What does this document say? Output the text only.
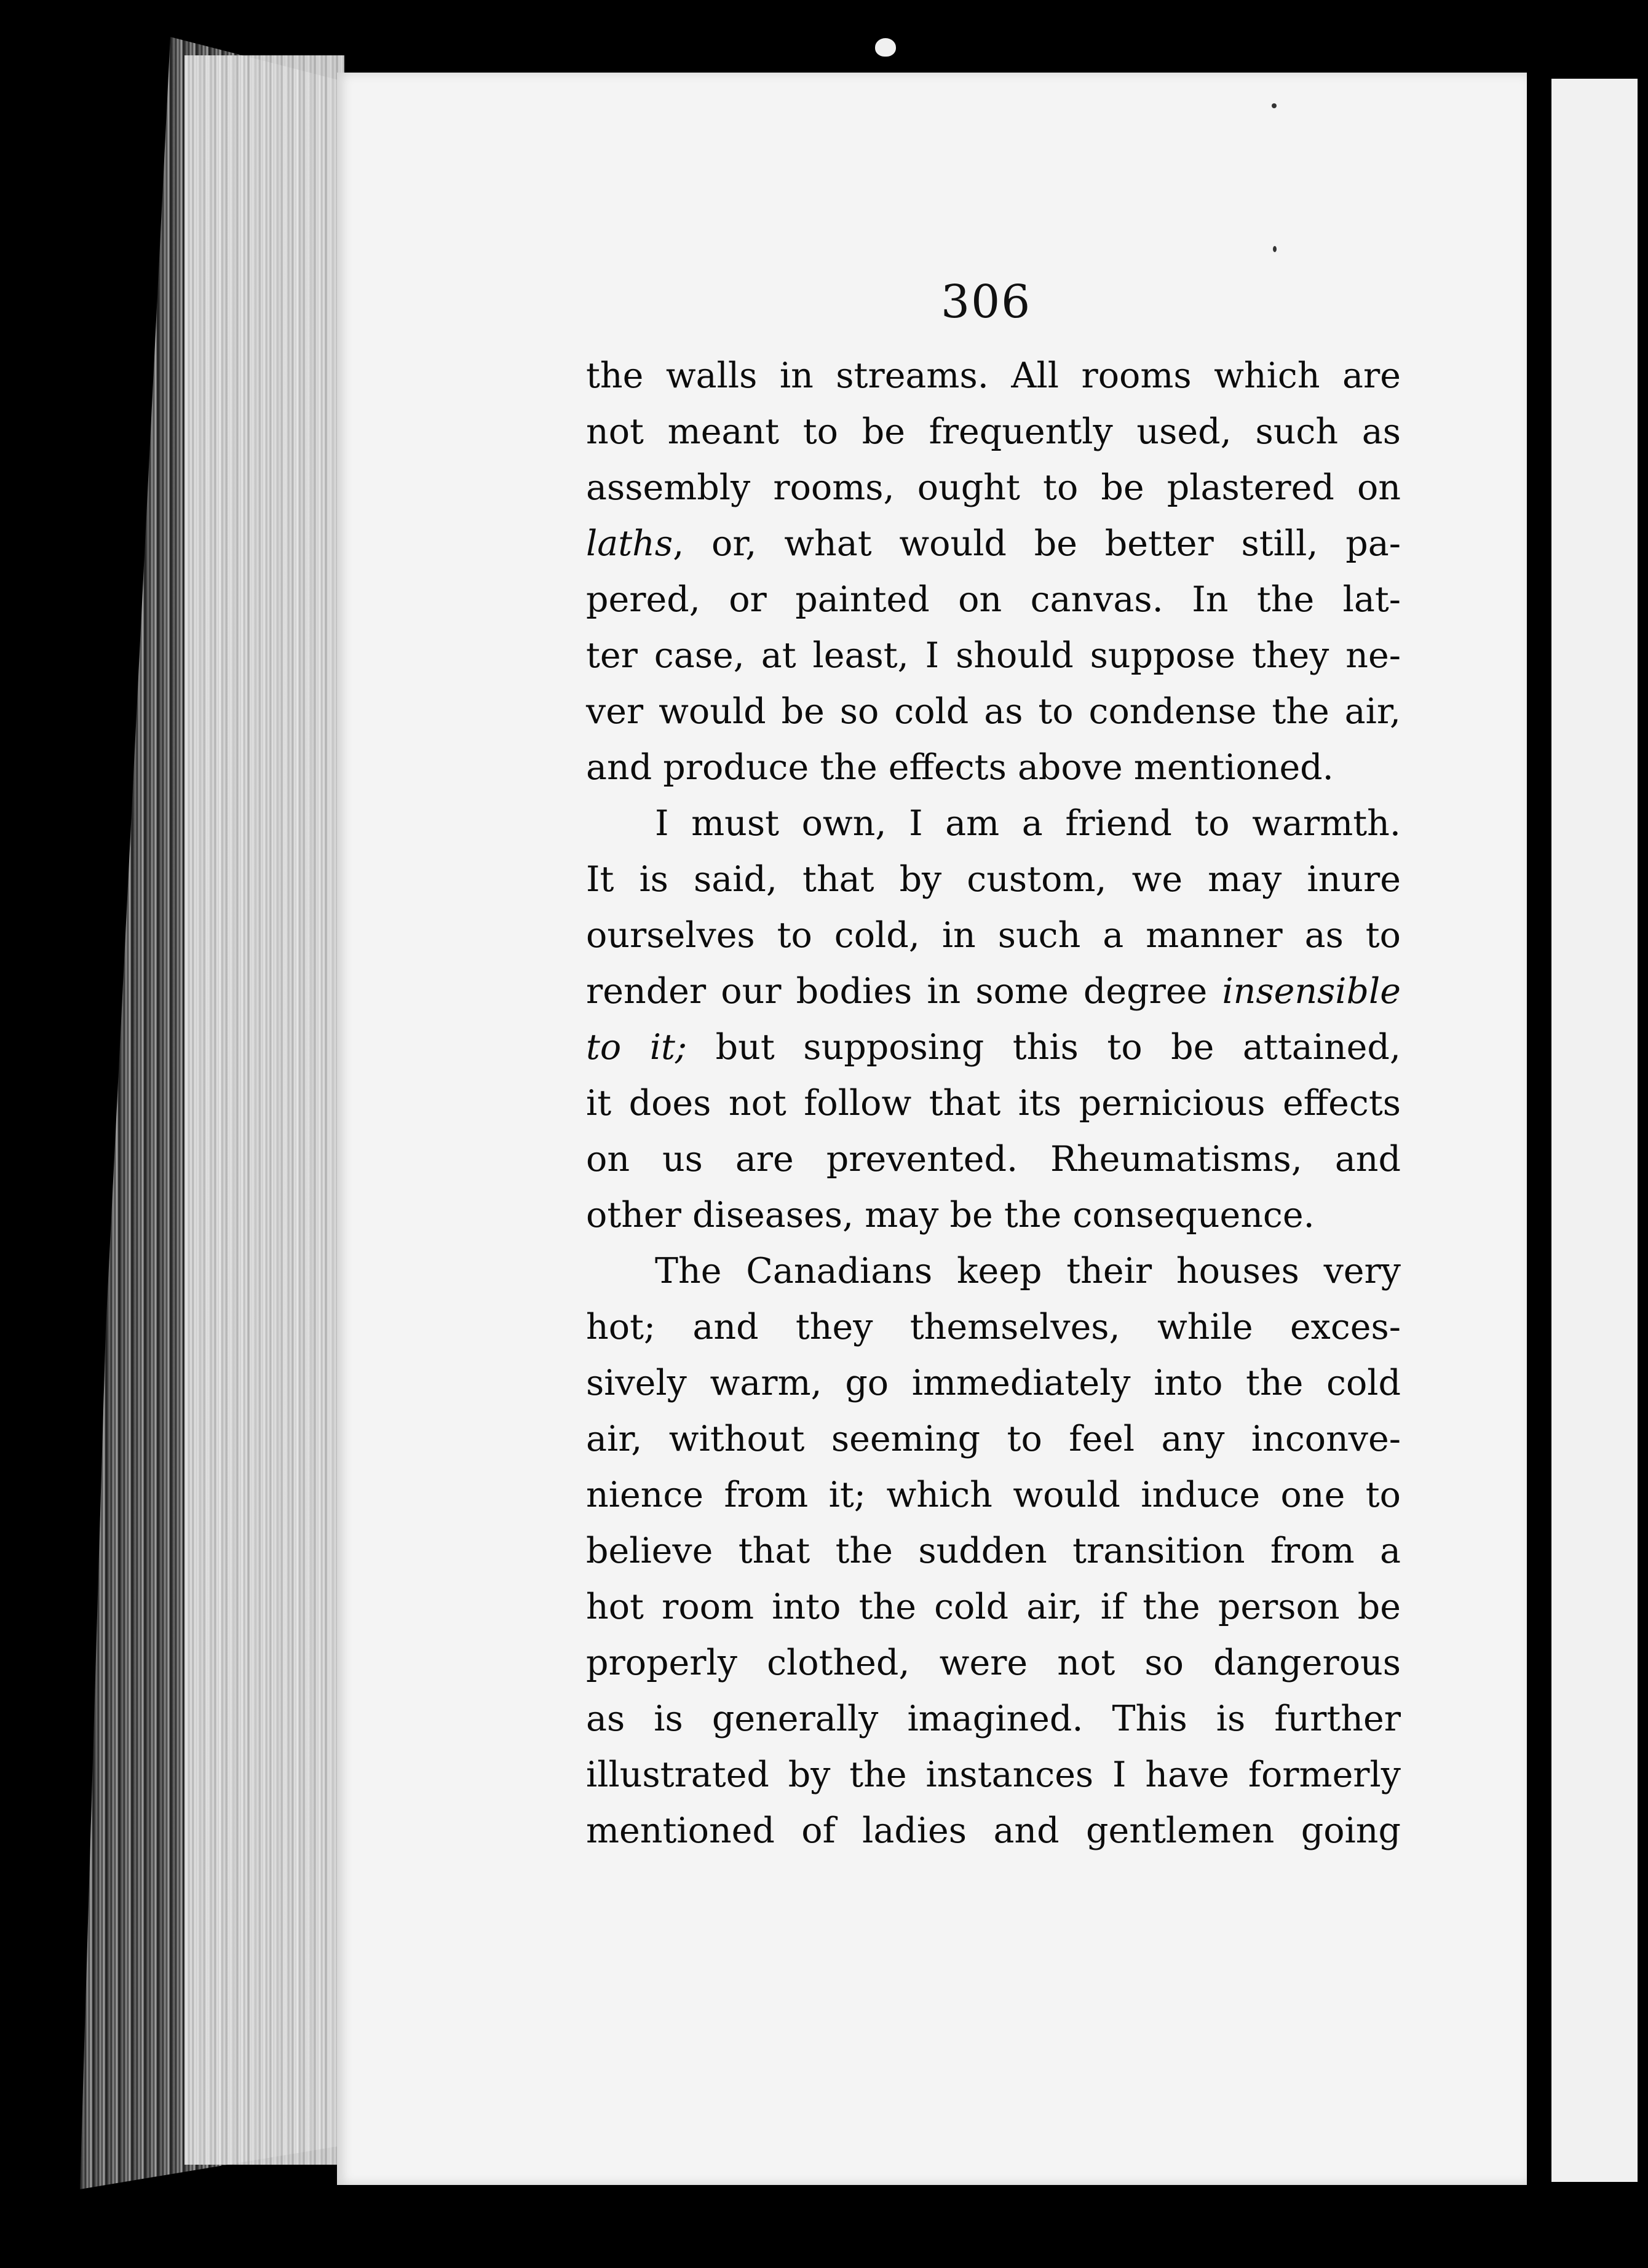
306
the walls in streams. All rooms which are
not meant to be frequently used, such as
assembly rooms, ought to be plastered on
laths, or, what would be better still, pa-
pered, or painted on canvas. In the lat-
ter case, at least, I should suppose they ne-
ver would be so cold as to condense the air,
and produce the effects above mentioned.
I must own, I am a friend to warmth.
It is said, that by custom, we may inure
ourselves to cold, in such a manner as to
render our bodies in some degree insensible
to it; but supposing this to be attained,
it does not follow that its pernicious effects
on us are prevented. Rheumatisms, and
other diseases, may be the consequence.
The Canadians keep their houses very
hot; and they themselves, while exces-
sively warm, go immediately into the cold
air, without seeming to feel any inconve-
nience from it; which would induce one to
believe that the sudden transition from a
hot room into the cold air, if the person be
properly clothed, were not so dangerous
as is generally imagined. This is further
illustrated by the instances I have formerly
mentioned of ladies and gentlemen going
